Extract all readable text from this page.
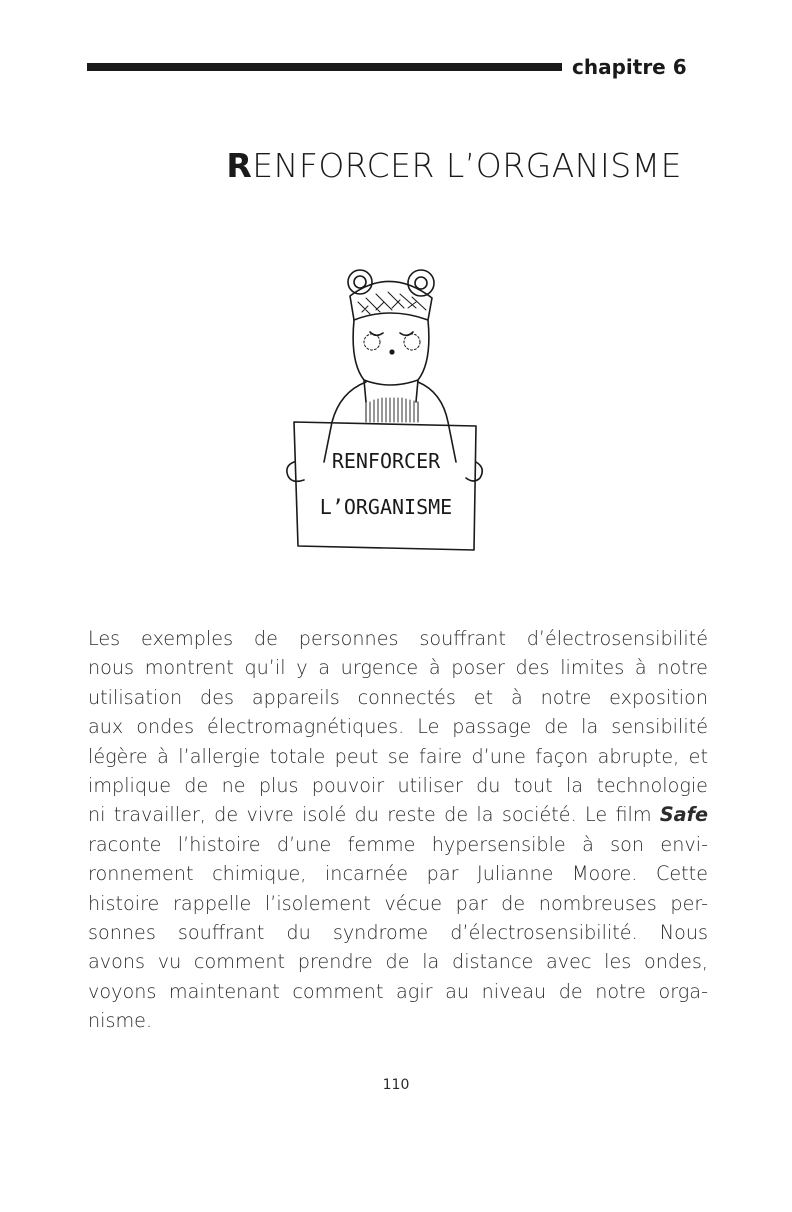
chapitre 6
RENFORCER L’ORGANISME
RENFORCER
L’ORGANISME
Les exemples de personnes souffrant d’électrosensibilité
nous montrent qu’il y a urgence à poser des limites à notre
utilisation des appareils connectés et à notre exposition
aux ondes électromagnétiques. Le passage de la sensibilité
légère à l’allergie totale peut se faire d’une façon abrupte, et
implique de ne plus pouvoir utiliser du tout la technologie
ni travailler, de vivre isolé du reste de la société. Le film Safe
raconte l’histoire d’une femme hypersensible à son envi-
ronnement chimique, incarnée par Julianne Moore. Cette
histoire rappelle l’isolement vécue par de nombreuses per-
sonnes souffrant du syndrome d’électrosensibilité. Nous
avons vu comment prendre de la distance avec les ondes,
voyons maintenant comment agir au niveau de notre orga-
nisme.
110
